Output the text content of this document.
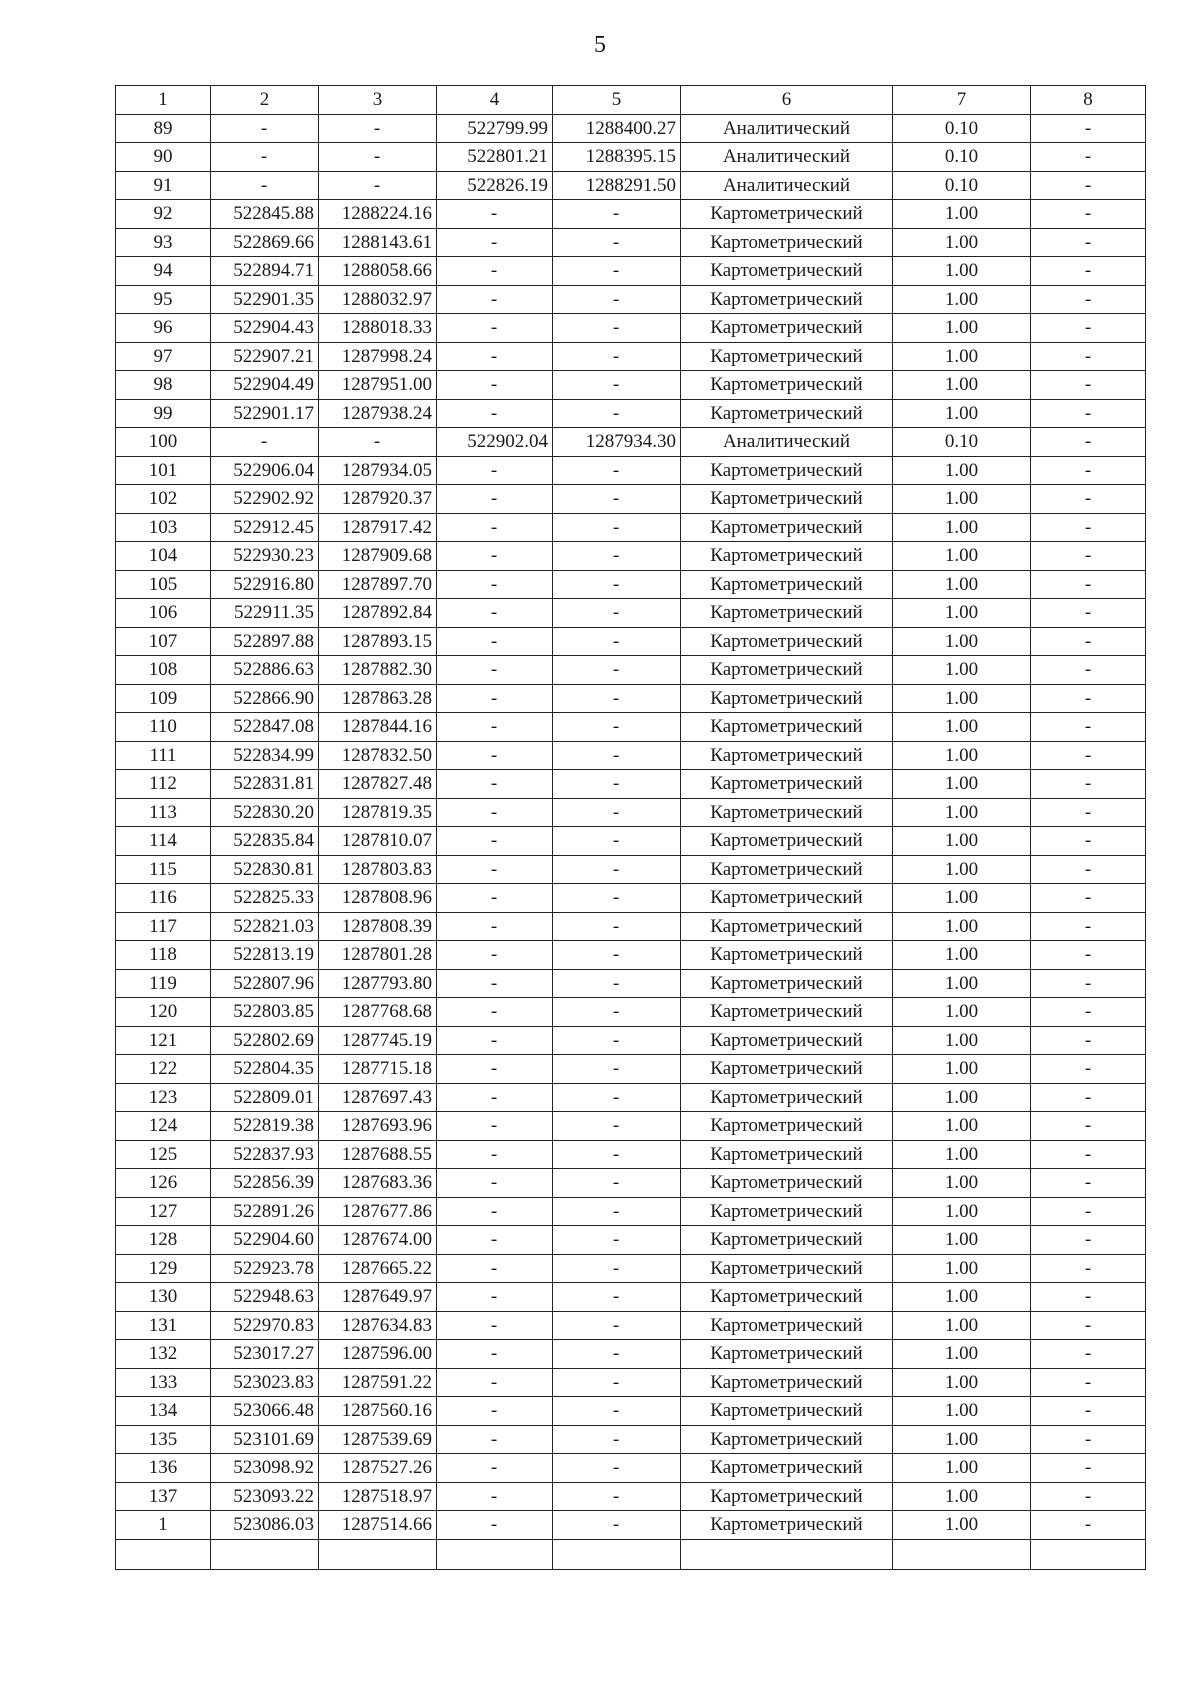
5
1	2	3	4	5	6	7	8
89	-	-	522799.99	1288400.27	Аналитический	0.10	-
90	-	-	522801.21	1288395.15	Аналитический	0.10	-
91	-	-	522826.19	1288291.50	Аналитический	0.10	-
92	522845.88	1288224.16	-	-	Картометрический	1.00	-
93	522869.66	1288143.61	-	-	Картометрический	1.00	-
94	522894.71	1288058.66	-	-	Картометрический	1.00	-
95	522901.35	1288032.97	-	-	Картометрический	1.00	-
96	522904.43	1288018.33	-	-	Картометрический	1.00	-
97	522907.21	1287998.24	-	-	Картометрический	1.00	-
98	522904.49	1287951.00	-	-	Картометрический	1.00	-
99	522901.17	1287938.24	-	-	Картометрический	1.00	-
100	-	-	522902.04	1287934.30	Аналитический	0.10	-
101	522906.04	1287934.05	-	-	Картометрический	1.00	-
102	522902.92	1287920.37	-	-	Картометрический	1.00	-
103	522912.45	1287917.42	-	-	Картометрический	1.00	-
104	522930.23	1287909.68	-	-	Картометрический	1.00	-
105	522916.80	1287897.70	-	-	Картометрический	1.00	-
106	522911.35	1287892.84	-	-	Картометрический	1.00	-
107	522897.88	1287893.15	-	-	Картометрический	1.00	-
108	522886.63	1287882.30	-	-	Картометрический	1.00	-
109	522866.90	1287863.28	-	-	Картометрический	1.00	-
110	522847.08	1287844.16	-	-	Картометрический	1.00	-
111	522834.99	1287832.50	-	-	Картометрический	1.00	-
112	522831.81	1287827.48	-	-	Картометрический	1.00	-
113	522830.20	1287819.35	-	-	Картометрический	1.00	-
114	522835.84	1287810.07	-	-	Картометрический	1.00	-
115	522830.81	1287803.83	-	-	Картометрический	1.00	-
116	522825.33	1287808.96	-	-	Картометрический	1.00	-
117	522821.03	1287808.39	-	-	Картометрический	1.00	-
118	522813.19	1287801.28	-	-	Картометрический	1.00	-
119	522807.96	1287793.80	-	-	Картометрический	1.00	-
120	522803.85	1287768.68	-	-	Картометрический	1.00	-
121	522802.69	1287745.19	-	-	Картометрический	1.00	-
122	522804.35	1287715.18	-	-	Картометрический	1.00	-
123	522809.01	1287697.43	-	-	Картометрический	1.00	-
124	522819.38	1287693.96	-	-	Картометрический	1.00	-
125	522837.93	1287688.55	-	-	Картометрический	1.00	-
126	522856.39	1287683.36	-	-	Картометрический	1.00	-
127	522891.26	1287677.86	-	-	Картометрический	1.00	-
128	522904.60	1287674.00	-	-	Картометрический	1.00	-
129	522923.78	1287665.22	-	-	Картометрический	1.00	-
130	522948.63	1287649.97	-	-	Картометрический	1.00	-
131	522970.83	1287634.83	-	-	Картометрический	1.00	-
132	523017.27	1287596.00	-	-	Картометрический	1.00	-
133	523023.83	1287591.22	-	-	Картометрический	1.00	-
134	523066.48	1287560.16	-	-	Картометрический	1.00	-
135	523101.69	1287539.69	-	-	Картометрический	1.00	-
136	523098.92	1287527.26	-	-	Картометрический	1.00	-
137	523093.22	1287518.97	-	-	Картометрический	1.00	-
1	523086.03	1287514.66	-	-	Картометрический	1.00	-
